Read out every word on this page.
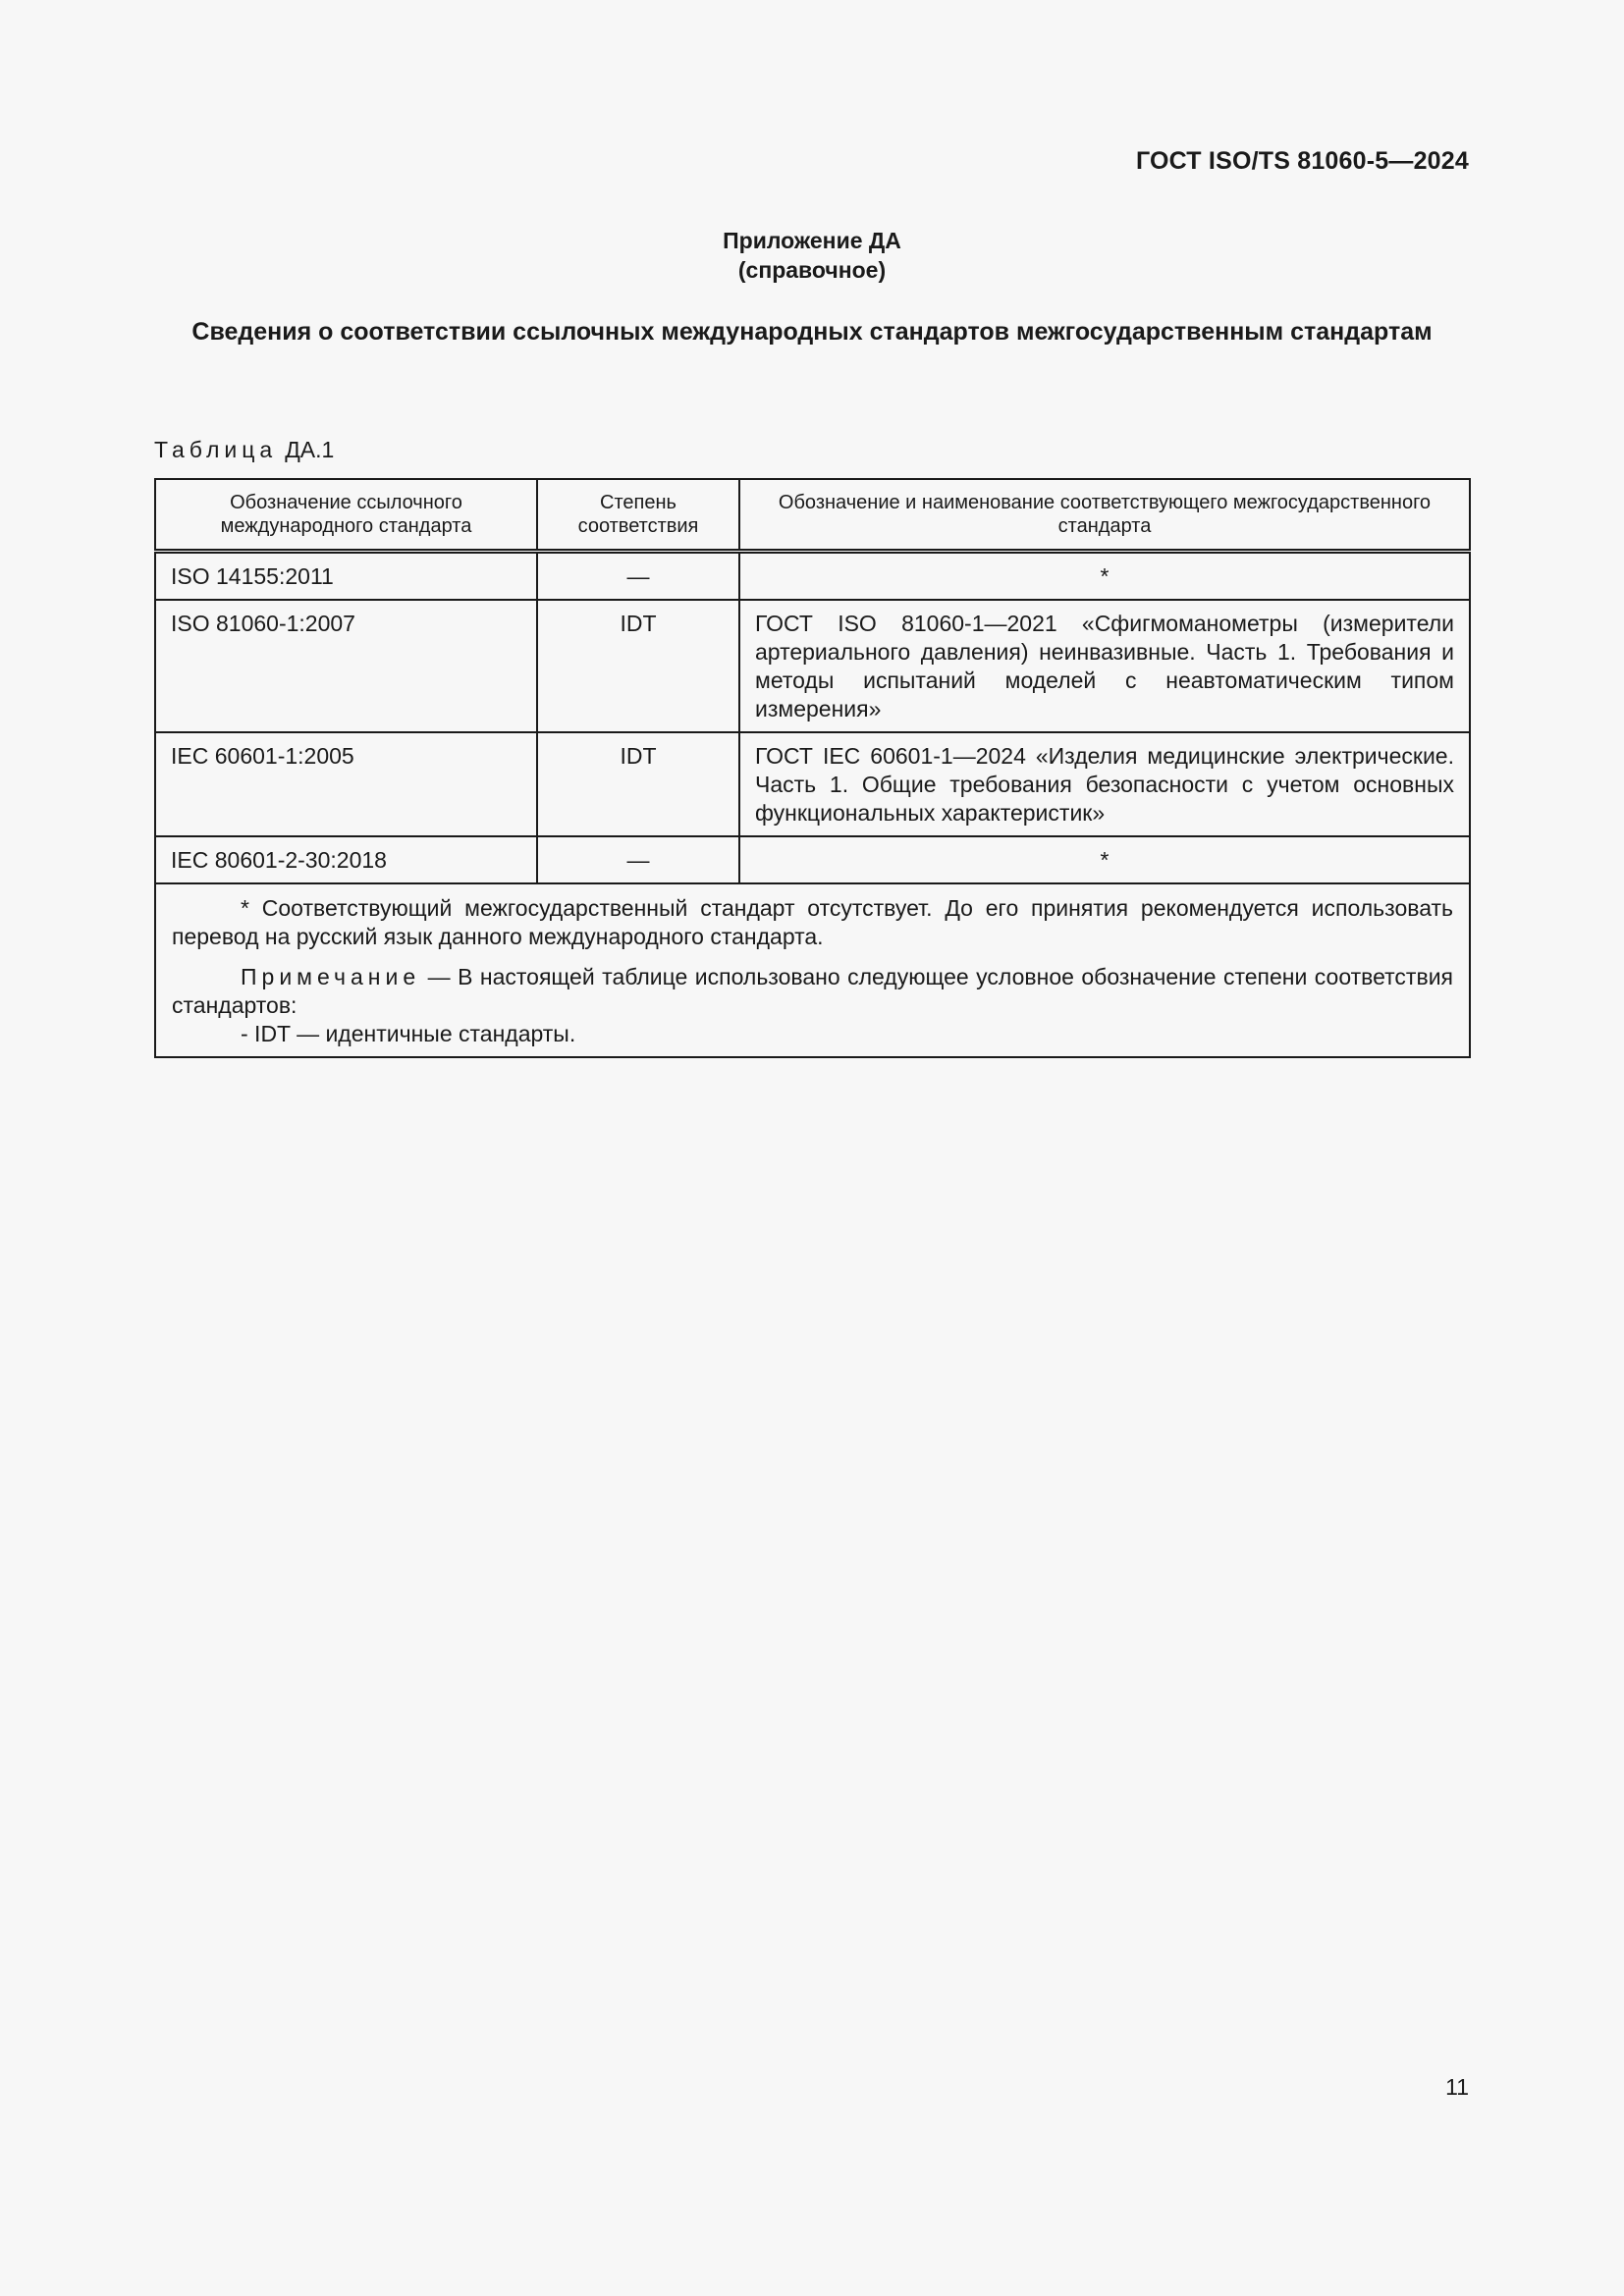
ГОСТ ISO/TS 81060-5—2024
Приложение ДА
(справочное)
Сведения о соответствии ссылочных международных стандартов межгосударственным стандартам
Таблица ДА.1
Обозначение ссылочного международного стандарта	Степень соответствия	Обозначение и наименование соответствующего межгосударственного стандарта

ISO 14155:2011	—	*

ISO 81060-1:2007	IDT	ГОСТ ISO 81060-1—2021 «Сфигмоманометры (измерители артериального давления) неинвазивные. Часть 1. Требования и методы испытаний моделей с неавтоматическим типом измерения»

IEC 60601-1:2005	IDT	ГОСТ IEC 60601-1—2024 «Изделия медицинские электрические. Часть 1. Общие требования безопасности с учетом основных функциональных характеристик»

IEC 80601-2-30:2018	—	*

* Соответствующий межгосударственный стандарт отсутствует. До его принятия рекомендуется использовать перевод на русский язык данного международного стандарта.

Примечание — В настоящей таблице использовано следующее условное обозначение степени соответствия стандартов:

- IDT — идентичные стандарты.		
11
